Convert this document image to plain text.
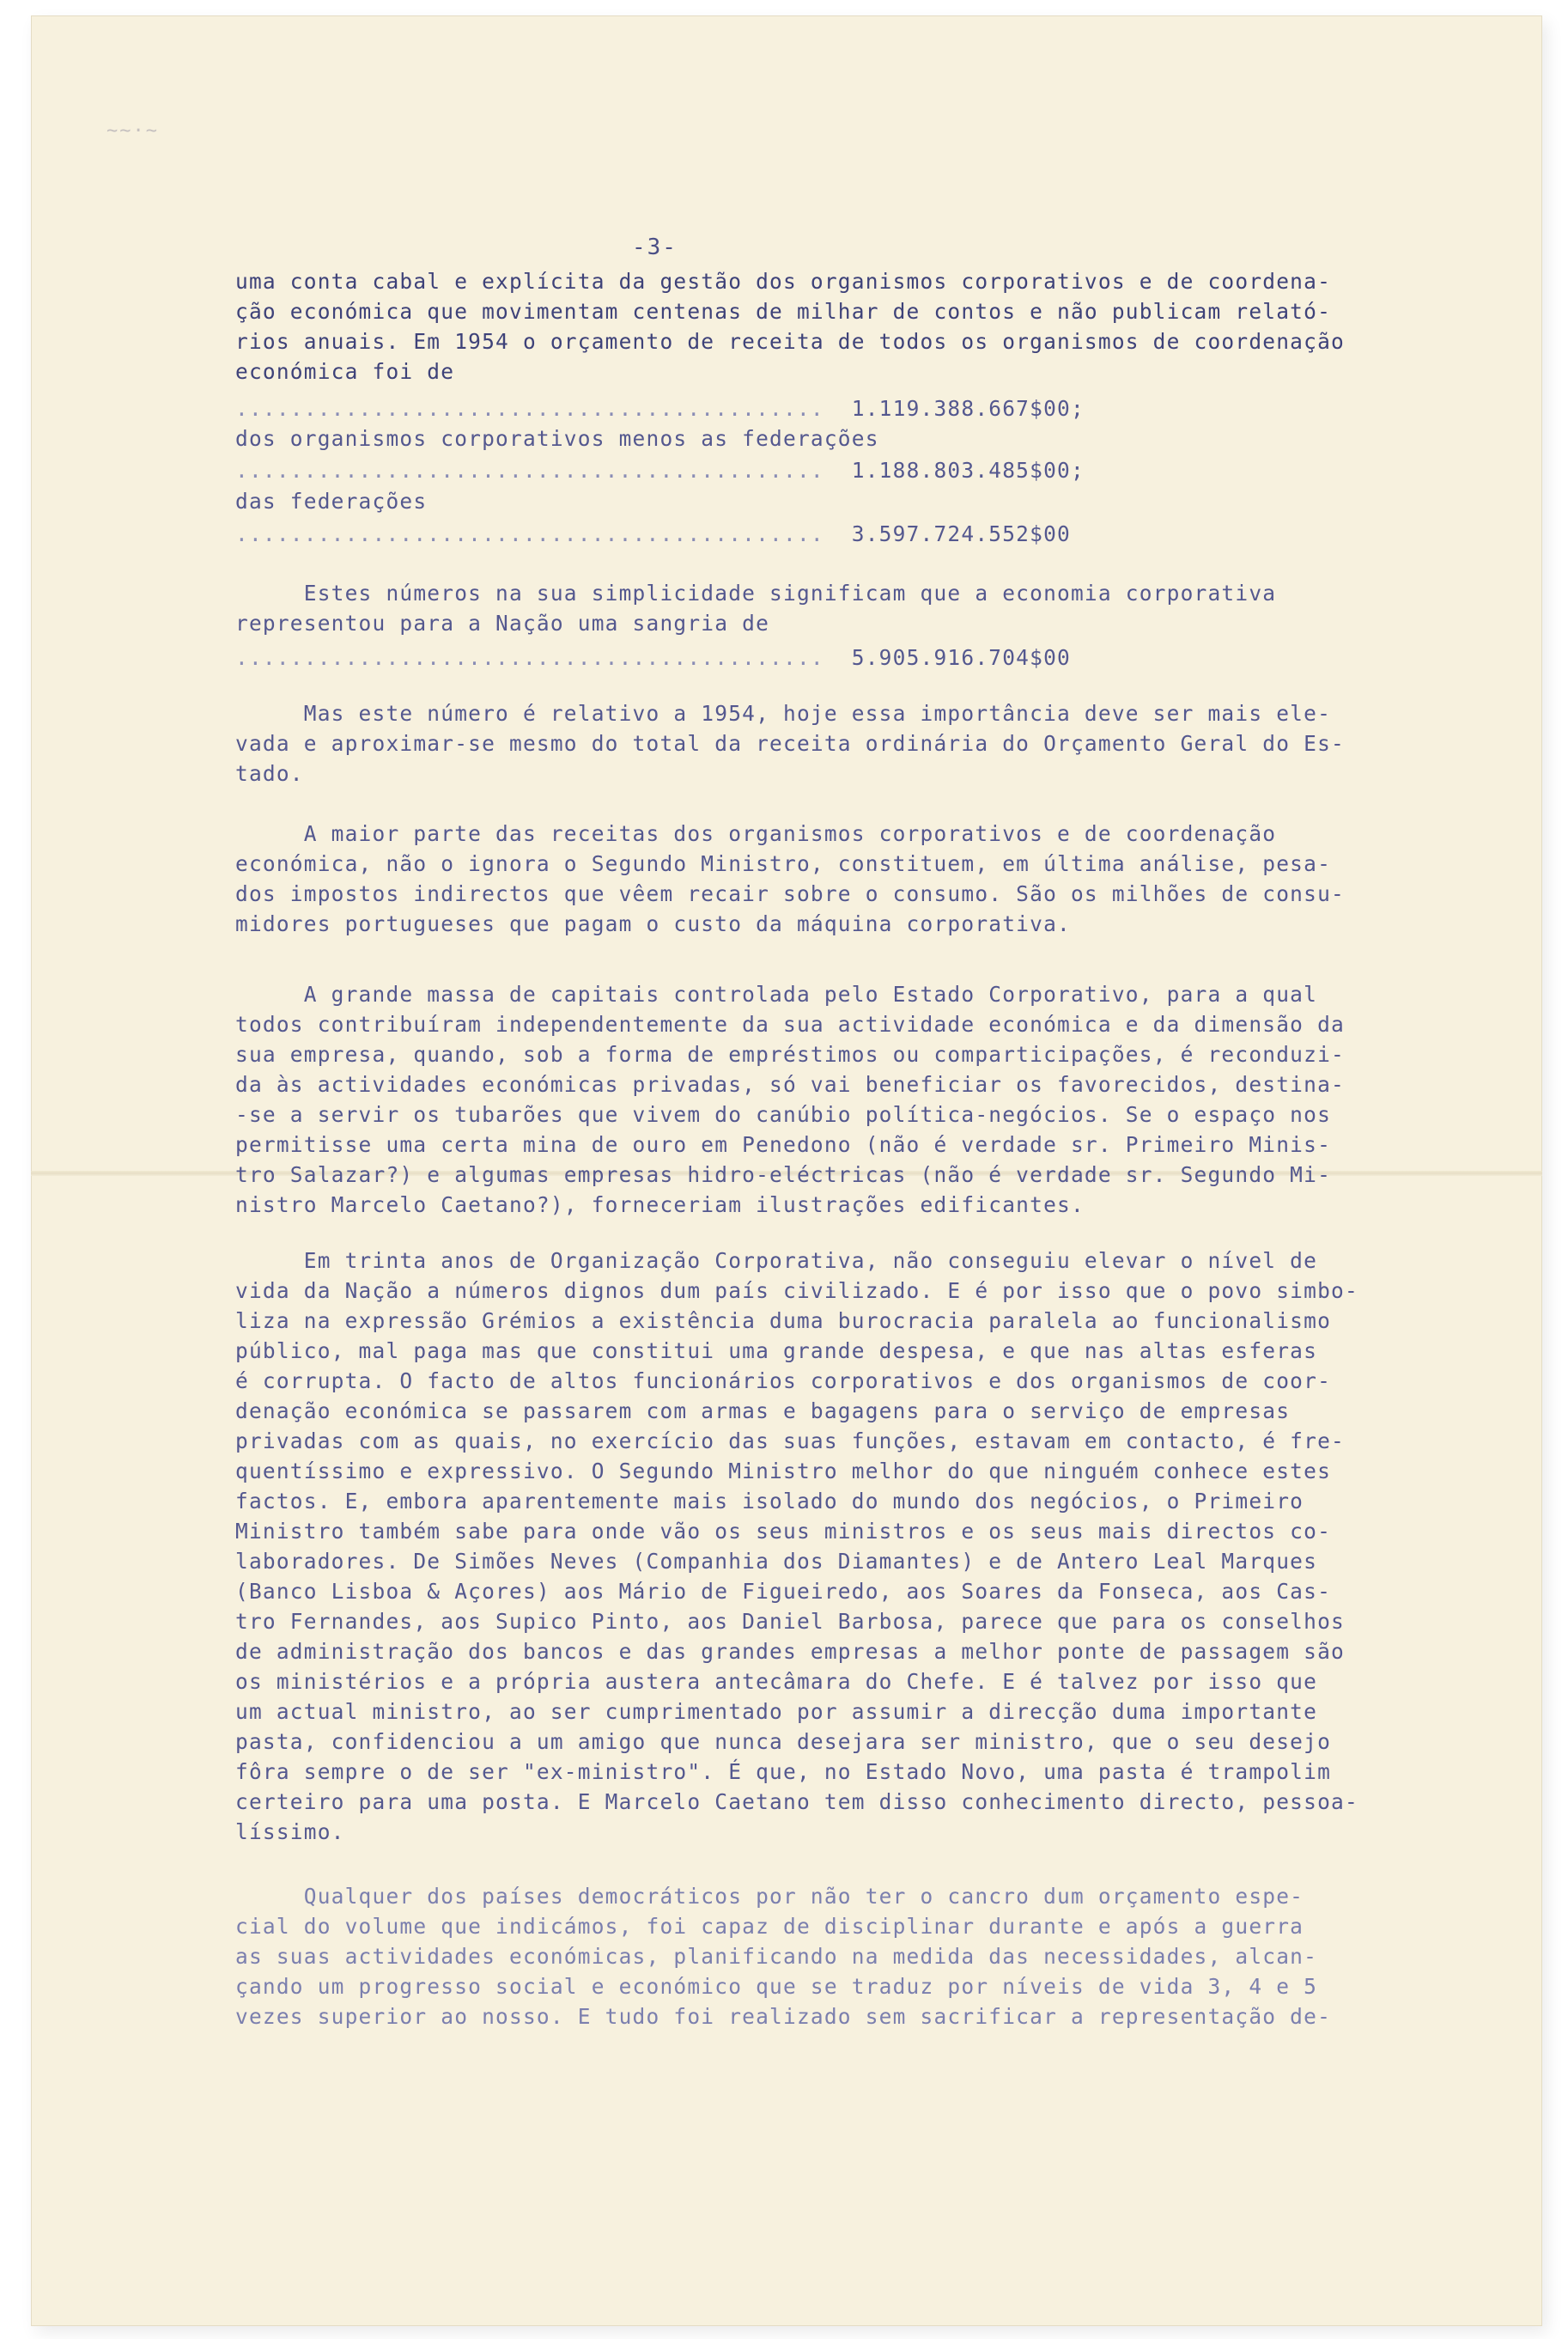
~~·~
-3-
uma conta cabal e explícita da gestão dos organismos corporativos e de coordena-
ção económica que movimentam centenas de milhar de contos e não publicam relató-
rios anuais. Em 1954 o orçamento de receita de todos os organismos de coordenação
económica foi de
........................................... 1.119.388.667$00;
dos organismos corporativos menos as federações
........................................... 1.188.803.485$00;
das federações
........................................... 3.597.724.552$00
Estes números na sua simplicidade significam que a economia corporativa
representou para a Nação uma sangria de
........................................... 5.905.916.704$00
Mas este número é relativo a 1954, hoje essa importância deve ser mais ele-
vada e aproximar-se mesmo do total da receita ordinária do Orçamento Geral do Es-
tado.
A maior parte das receitas dos organismos corporativos e de coordenação
económica, não o ignora o Segundo Ministro, constituem, em última análise, pesa-
dos impostos indirectos que vêem recair sobre o consumo. São os milhões de consu-
midores portugueses que pagam o custo da máquina corporativa.
A grande massa de capitais controlada pelo Estado Corporativo, para a qual
todos contribuíram independentemente da sua actividade económica e da dimensão da
sua empresa, quando, sob a forma de empréstimos ou comparticipações, é reconduzi-
da às actividades económicas privadas, só vai beneficiar os favorecidos, destina-
-se a servir os tubarões que vivem do canúbio política-negócios. Se o espaço nos
permitisse uma certa mina de ouro em Penedono (não é verdade sr. Primeiro Minis-
tro Salazar?) e algumas empresas hidro-eléctricas (não é verdade sr. Segundo Mi-
nistro Marcelo Caetano?), forneceriam ilustrações edificantes.
Em trinta anos de Organização Corporativa, não conseguiu elevar o nível de
vida da Nação a números dignos dum país civilizado. E é por isso que o povo simbo-
liza na expressão Grémios a existência duma burocracia paralela ao funcionalismo
público, mal paga mas que constitui uma grande despesa, e que nas altas esferas
é corrupta. O facto de altos funcionários corporativos e dos organismos de coor-
denação económica se passarem com armas e bagagens para o serviço de empresas
privadas com as quais, no exercício das suas funções, estavam em contacto, é fre-
quentíssimo e expressivo. O Segundo Ministro melhor do que ninguém conhece estes
factos. E, embora aparentemente mais isolado do mundo dos negócios, o Primeiro
Ministro também sabe para onde vão os seus ministros e os seus mais directos co-
laboradores. De Simões Neves (Companhia dos Diamantes) e de Antero Leal Marques
(Banco Lisboa & Açores) aos Mário de Figueiredo, aos Soares da Fonseca, aos Cas-
tro Fernandes, aos Supico Pinto, aos Daniel Barbosa, parece que para os conselhos
de administração dos bancos e das grandes empresas a melhor ponte de passagem são
os ministérios e a própria austera antecâmara do Chefe. E é talvez por isso que
um actual ministro, ao ser cumprimentado por assumir a direcção duma importante
pasta, confidenciou a um amigo que nunca desejara ser ministro, que o seu desejo
fôra sempre o de ser "ex-ministro". É que, no Estado Novo, uma pasta é trampolim
certeiro para uma posta. E Marcelo Caetano tem disso conhecimento directo, pessoa-
líssimo.
Qualquer dos países democráticos por não ter o cancro dum orçamento espe-
cial do volume que indicámos, foi capaz de disciplinar durante e após a guerra
as suas actividades económicas, planificando na medida das necessidades, alcan-
çando um progresso social e económico que se traduz por níveis de vida 3, 4 e 5
vezes superior ao nosso. E tudo foi realizado sem sacrificar a representação de-
